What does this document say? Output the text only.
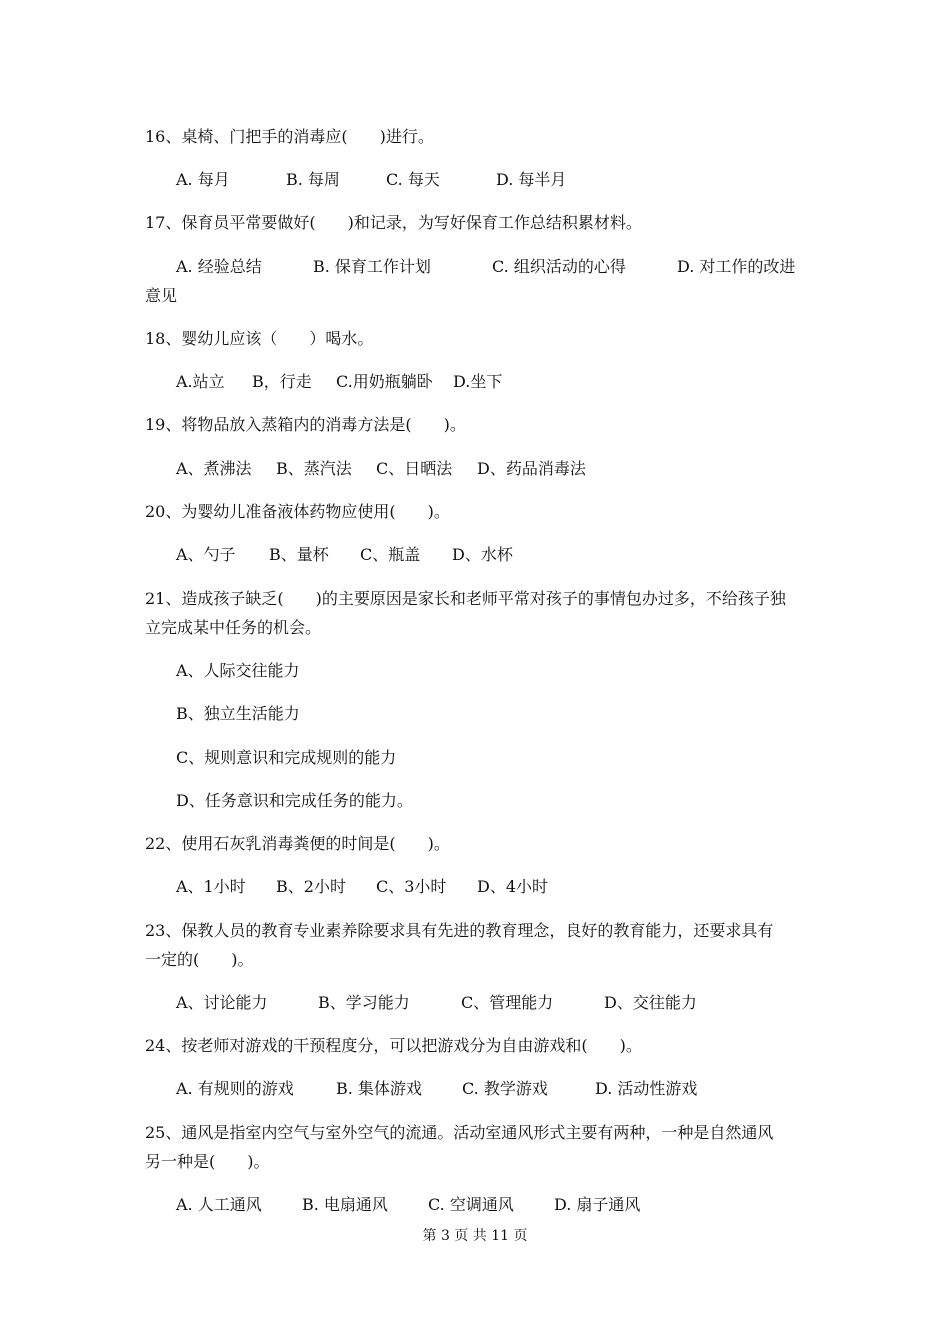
16、桌椅、门把手的消毒应(　　)进行。

A. 每月	B. 每周	C. 每天	D. 每半月

17、保育员平常要做好(　　)和记录，为写好保育工作总结积累材料。

A. 经验总结	B. 保育工作计划	C. 组织活动的心得	D. 对工作的改进

意见

18、婴幼儿应该（　　）喝水。

A.站立 B，行走 C.用奶瓶躺卧 D.坐下

19、将物品放入蒸箱内的消毒方法是(　　)。

A、煮沸法 B、蒸汽法 C、日晒法 D、药品消毒法

20、为婴幼儿准备液体药物应使用(　　)。

A、勺子 B、量杯 C、瓶盖 D、水杯

21、造成孩子缺乏(　　)的主要原因是家长和老师平常对孩子的事情包办过多，不给孩子独

立完成某中任务的机会。

A、人际交往能力

B、独立生活能力

C、规则意识和完成规则的能力

D、任务意识和完成任务的能力。

22、使用石灰乳消毒粪便的时间是(　　)。

A、1小时 B、2小时 C、3小时 D、4小时

23、保教人员的教育专业素养除要求具有先进的教育理念，良好的教育能力，还要求具有

一定的(　　)。

A、讨论能力	B、学习能力	C、管理能力	D、交往能力

24、按老师对游戏的干预程度分，可以把游戏分为自由游戏和(　　)。

A. 有规则的游戏	B. 集体游戏	C. 教学游戏	D. 活动性游戏

25、通风是指室内空气与室外空气的流通。活动室通风形式主要有两种，一种是自然通风

另一种是(　　)。

A. 人工通风	B. 电扇通风	C. 空调通风	D. 扇子通风

第 3 页 共 11 页
